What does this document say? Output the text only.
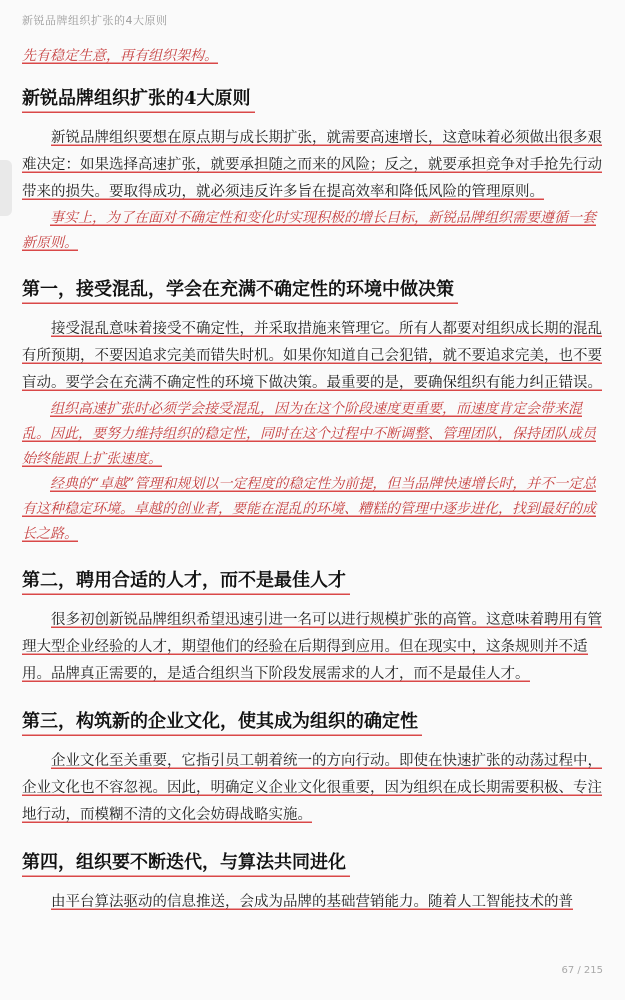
新锐品牌组织扩张的4大原则
先有稳定生意，再有组织架构。
新锐品牌组织扩张的4大原则

新锐品牌组织要想在原点期与成长期扩张，就需要高速增长，这意味着必须做出很多艰难决定：如果选择高速扩张，就要承担随之而来的风险；反之，就要承担竞争对手抢先行动带来的损失。要取得成功，就必须违反许多旨在提高效率和降低风险的管理原则。

事实上，为了在面对不确定性和变化时实现积极的增长目标，新锐品牌组织需要遵循一套新原则。
第一，接受混乱，学会在充满不确定性的环境中做决策

接受混乱意味着接受不确定性，并采取措施来管理它。所有人都要对组织成长期的混乱有所预期，不要因追求完美而错失时机。如果你知道自己会犯错，就不要追求完美，也不要盲动。要学会在充满不确定性的环境下做决策。最重要的是，要确保组织有能力纠正错误。

组织高速扩张时必须学会接受混乱，因为在这个阶段速度更重要，而速度肯定会带来混乱。因此，要努力维持组织的稳定性，同时在这个过程中不断调整、管理团队，保持团队成员始终能跟上扩张速度。
经典的“卓越”管理和规划以一定程度的稳定性为前提，但当品牌快速增长时，并不一定总有这种稳定环境。卓越的创业者，要能在混乱的环境、糟糕的管理中逐步进化，找到最好的成长之路。
第二，聘用合适的人才，而不是最佳人才

很多初创新锐品牌组织希望迅速引进一名可以进行规模扩张的高管。这意味着聘用有管理大型企业经验的人才，期望他们的经验在后期得到应用。但在现实中，这条规则并不适用。品牌真正需要的，是适合组织当下阶段发展需求的人才，而不是最佳人才。

第三，构筑新的企业文化，使其成为组织的确定性

企业文化至关重要，它指引员工朝着统一的方向行动。即使在快速扩张的动荡过程中，企业文化也不容忽视。因此，明确定义企业文化很重要，因为组织在成长期需要积极、专注地行动，而模糊不清的文化会妨碍战略实施。

第四，组织要不断迭代，与算法共同进化

由平台算法驱动的信息推送，会成为品牌的基础营销能力。随着人工智能技术的普

67 / 215
